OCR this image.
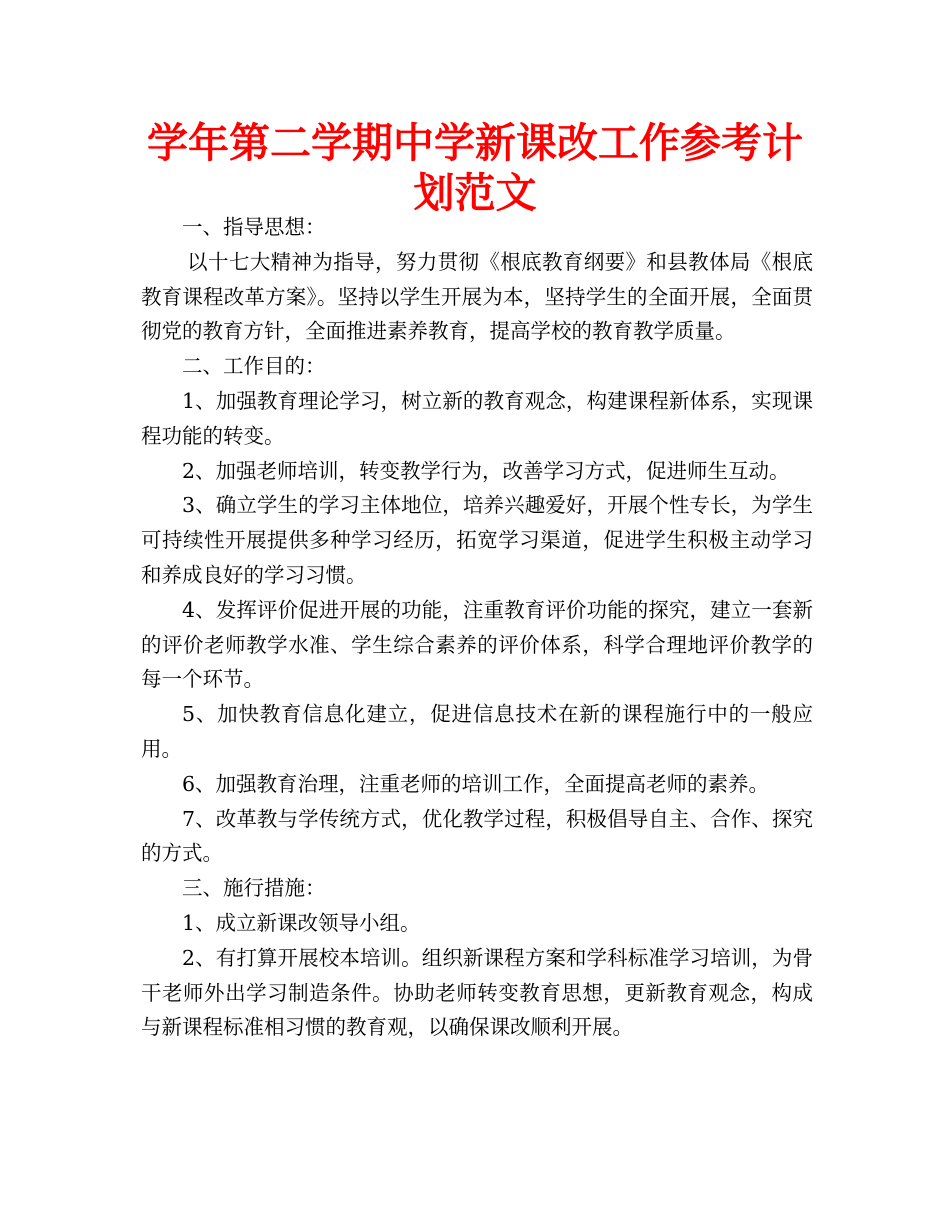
学年第二学期中学新课改工作参考计划范文

一、指导思想：

以十七大精神为指导，努力贯彻《根底教育纲要》和县教体局《根底教育课程改革方案》。坚持以学生开展为本，坚持学生的全面开展，全面贯彻党的教育方针，全面推进素养教育，提高学校的教育教学质量。

二、工作目的：

1、加强教育理论学习，树立新的教育观念，构建课程新体系，实现课程功能的转变。

2、加强老师培训，转变教学行为，改善学习方式，促进师生互动。

3、确立学生的学习主体地位，培养兴趣爱好，开展个性专长，为学生可持续性开展提供多种学习经历，拓宽学习渠道，促进学生积极主动学习和养成良好的学习习惯。

4、发挥评价促进开展的功能，注重教育评价功能的探究，建立一套新的评价老师教学水准、学生综合素养的评价体系，科学合理地评价教学的每一个环节。

5、加快教育信息化建立，促进信息技术在新的课程施行中的一般应用。

6、加强教育治理，注重老师的培训工作，全面提高老师的素养。

7、改革教与学传统方式，优化教学过程，积极倡导自主、合作、探究的方式。

三、施行措施：

1、成立新课改领导小组。

2、有打算开展校本培训。组织新课程方案和学科标准学习培训，为骨干老师外出学习制造条件。协助老师转变教育思想，更新教育观念，构成与新课程标准相习惯的教育观，以确保课改顺利开展。
